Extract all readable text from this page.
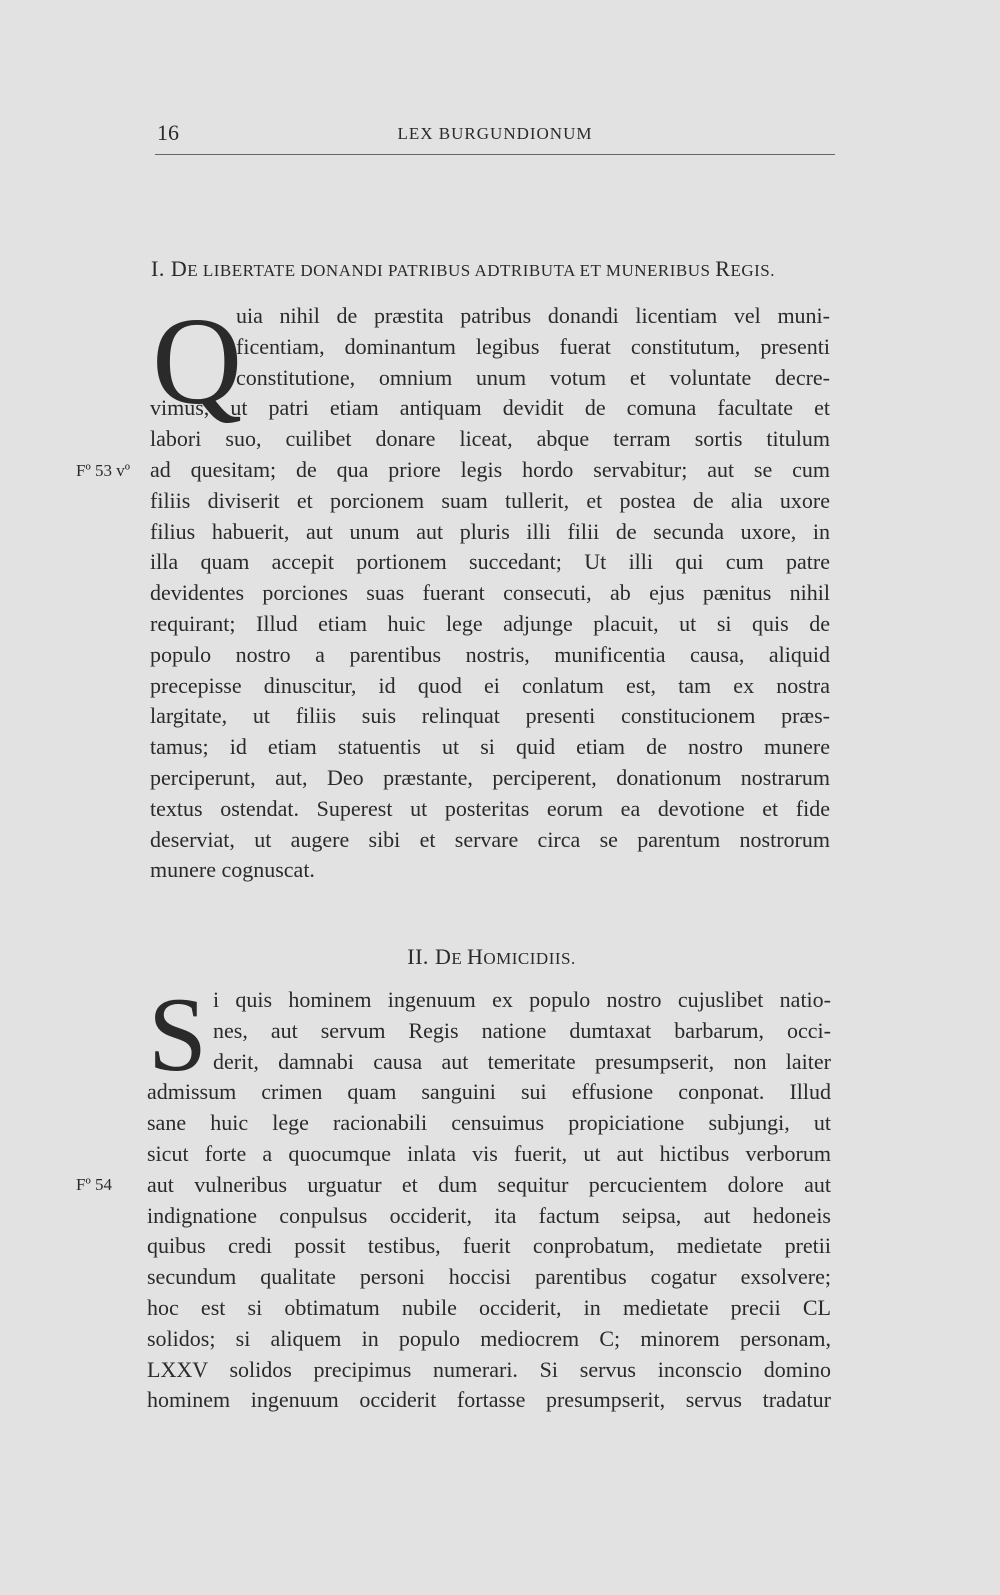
16	LEX BURGUNDIONUM
I. DE LIBERTATE DONANDI PATRIBUS ADTRIBUTA ET MUNERIBUS REGIS.
Q
uia nihil de præstita patribus donandi licentiam vel muni-
ficentiam, dominantum legibus fuerat constitutum, presenti
constitutione, omnium unum votum et voluntate decre-
vimus, ut patri etiam antiquam devidit de comuna facultate et
labori suo, cuilibet donare liceat, abque terram sortis titulum
ad quesitam; de qua priore legis hordo servabitur; aut se cum
filiis diviserit et porcionem suam tullerit, et postea de alia uxore
filius habuerit, aut unum aut pluris illi filii de secunda uxore, in
illa quam accepit portionem succedant; Ut illi qui cum patre
devidentes porciones suas fuerant consecuti, ab ejus pænitus nihil
requirant; Illud etiam huic lege adjunge placuit, ut si quis de
populo nostro a parentibus nostris, munificentia causa, aliquid
precepisse dinuscitur, id quod ei conlatum est, tam ex nostra
largitate, ut filiis suis relinquat presenti constitucionem præs-
tamus; id etiam statuentis ut si quid etiam de nostro munere
perciperunt, aut, Deo præstante, perciperent, donationum nostrarum
textus ostendat. Superest ut posteritas eorum ea devotione et fide
deserviat, ut augere sibi et servare circa se parentum nostrorum
munere cognuscat.
Fº 53 vº
II. DE HOMICIDIIS.
S i quis hominem ingenuum ex populo nostro cujuslibet natio-
nes, aut servum Regis natione dumtaxat barbarum, occi-
derit, damnabi causa aut temeritate presumpserit, non laiter
admissum crimen quam sanguini sui effusione conponat. Illud
sane huic lege racionabili censuimus propiciatione subjungi, ut
sicut forte a quocumque inlata vis fuerit, ut aut hictibus verborum
aut vulneribus urguatur et dum sequitur percucientem dolore aut
indignatione conpulsus occiderit, ita factum seipsa, aut hedoneis
quibus credi possit testibus, fuerit conprobatum, medietate pretii
secundum qualitate personi hoccisi parentibus cogatur exsolvere;
hoc est si obtimatum nubile occiderit, in medietate precii CL
solidos; si aliquem in populo mediocrem C; minorem personam,
LXXV solidos precipimus numerari. Si servus inconscio domino
hominem ingenuum occiderit fortasse presumpserit, servus tradatur
Fº 54
